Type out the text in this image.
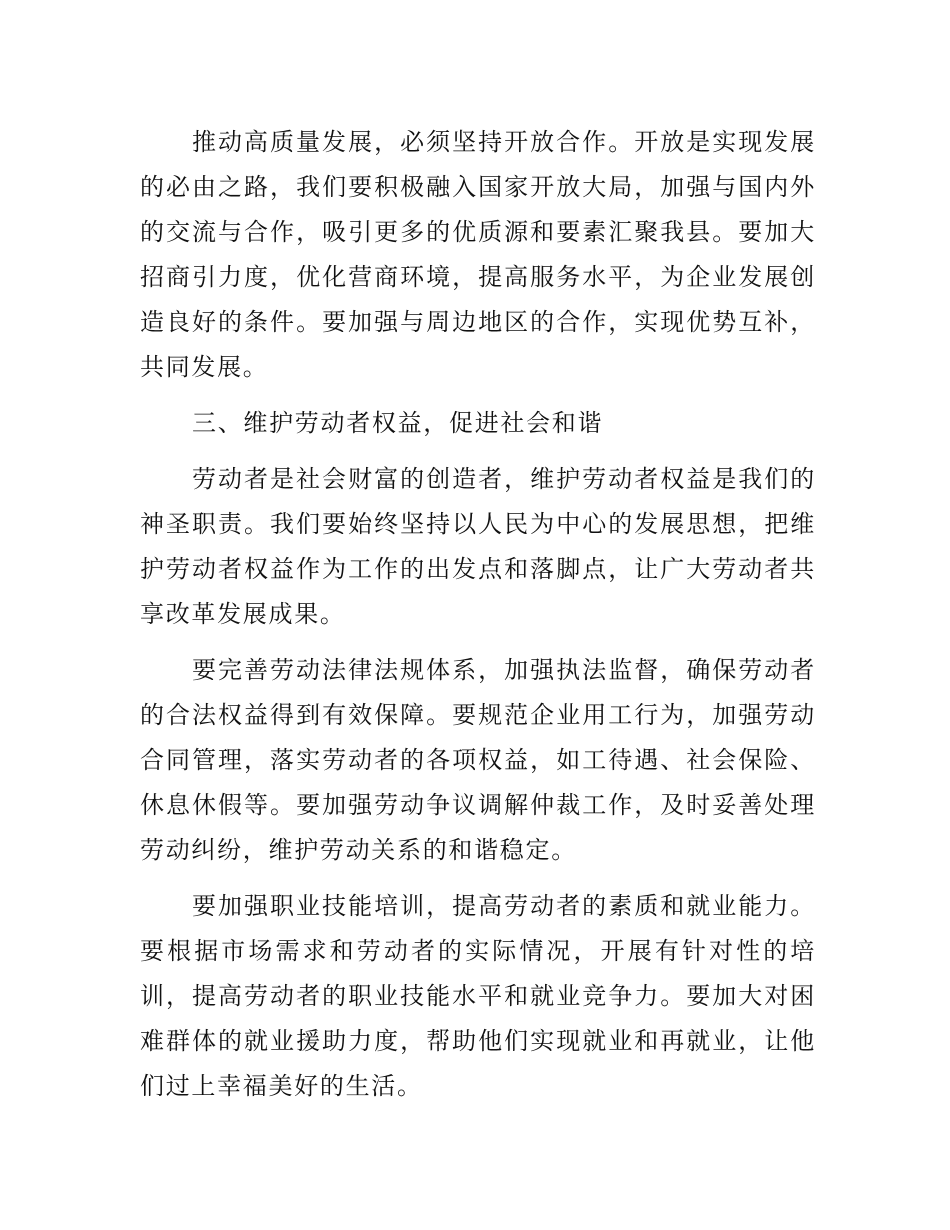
推动高质量发展，必须坚持开放合作。开放是实现发展的必由之路，我们要积极融入国家开放大局，加强与国内外的交流与合作，吸引更多的优质源和要素汇聚我县。要加大招商引力度，优化营商环境，提高服务水平，为企业发展创造良好的条件。要加强与周边地区的合作，实现优势互补，共同发展。

三、维护劳动者权益，促进社会和谐

劳动者是社会财富的创造者，维护劳动者权益是我们的神圣职责。我们要始终坚持以人民为中心的发展思想，把维护劳动者权益作为工作的出发点和落脚点，让广大劳动者共享改革发展成果。

要完善劳动法律法规体系，加强执法监督，确保劳动者的合法权益得到有效保障。要规范企业用工行为，加强劳动合同管理，落实劳动者的各项权益，如工待遇、社会保险、休息休假等。要加强劳动争议调解仲裁工作，及时妥善处理劳动纠纷，维护劳动关系的和谐稳定。

要加强职业技能培训，提高劳动者的素质和就业能力。要根据市场需求和劳动者的实际情况，开展有针对性的培训，提高劳动者的职业技能水平和就业竞争力。要加大对困难群体的就业援助力度，帮助他们实现就业和再就业，让他们过上幸福美好的生活。
